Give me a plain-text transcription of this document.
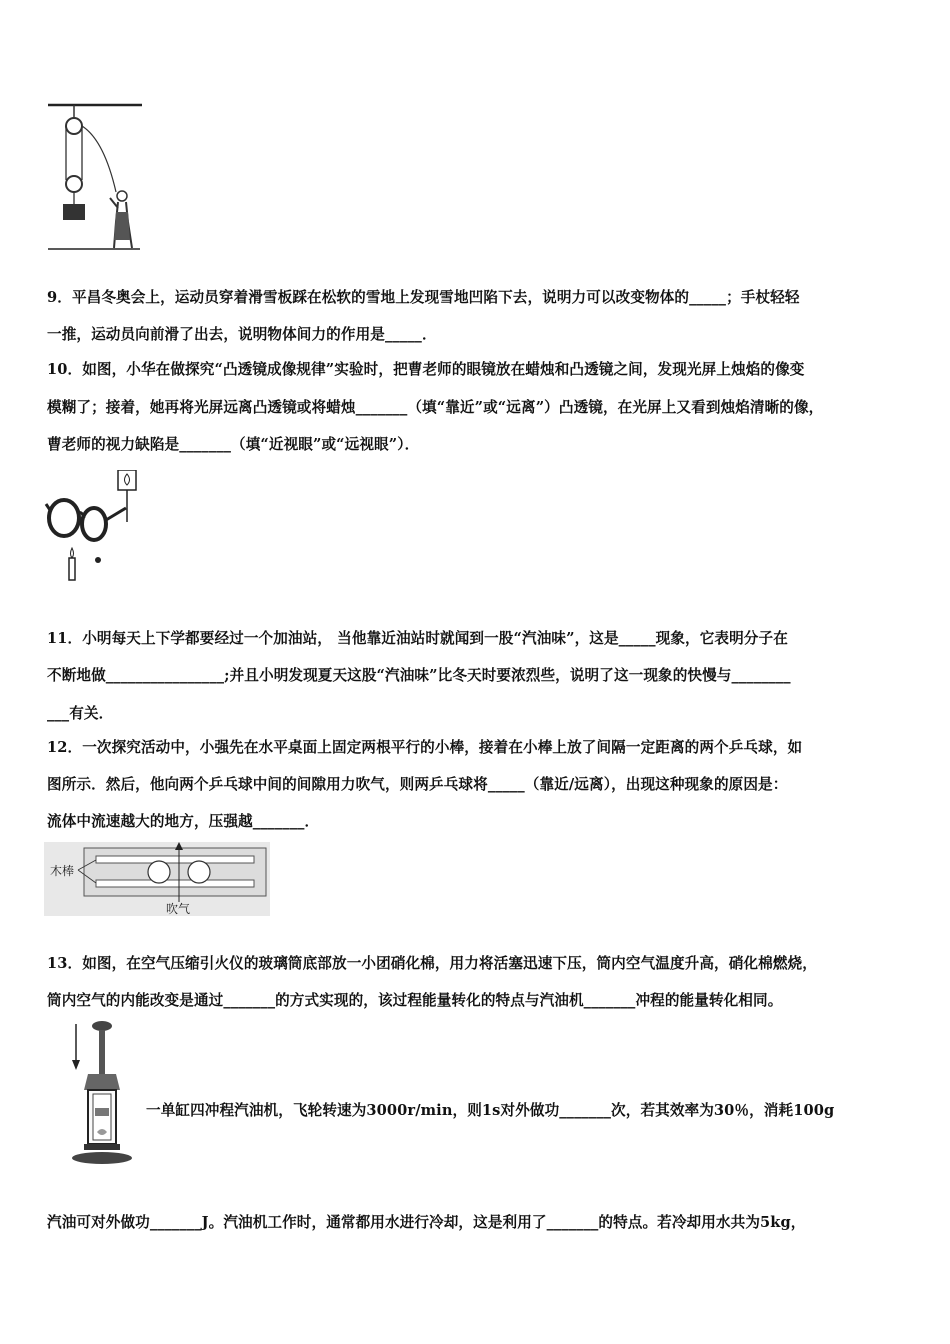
9．平昌冬奥会上，运动员穿着滑雪板踩在松软的雪地上发现雪地凹陷下去，说明力可以改变物体的_____；手杖轻轻
一推，运动员向前滑了出去，说明物体间力的作用是_____．
10．如图，小华在做探究“凸透镜成像规律”实验时，把曹老师的眼镜放在蜡烛和凸透镜之间，发现光屏上烛焰的像变
模糊了；接着，她再将光屏远离凸透镜或将蜡烛_______（填“靠近”或“远离”）凸透镜，在光屏上又看到烛焰清晰的像，
曹老师的视力缺陷是_______（填“近视眼”或“远视眼”）．
11．小明每天上下学都要经过一个加油站， 当他靠近油站时就闻到一股“汽油味”，这是_____现象，它表明分子在
不断地做________________;并且小明发现夏天这股“汽油味”比冬天时要浓烈些，说明了这一现象的快慢与________
___有关．
12．一次探究活动中，小强先在水平桌面上固定两根平行的小棒，接着在小棒上放了间隔一定距离的两个乒乓球，如
图所示．然后，他向两个乒乓球中间的间隙用力吹气，则两乒乓球将_____（靠近/远离），出现这种现象的原因是：
流体中流速越大的地方，压强越_______．
木棒
吹气
13．如图，在空气压缩引火仪的玻璃筒底部放一小团硝化棉，用力将活塞迅速下压，筒内空气温度升高，硝化棉燃烧，
筒内空气的内能改变是通过_______的方式实现的，该过程能量转化的特点与汽油机_______冲程的能量转化相同。
一单缸四冲程汽油机，飞轮转速为3000r/min，则1s对外做功_______次，若其效率为30％，消耗100g
汽油可对外做功_______J。汽油机工作时，通常都用水进行冷却，这是利用了_______的特点。若冷却用水共为5kg，
